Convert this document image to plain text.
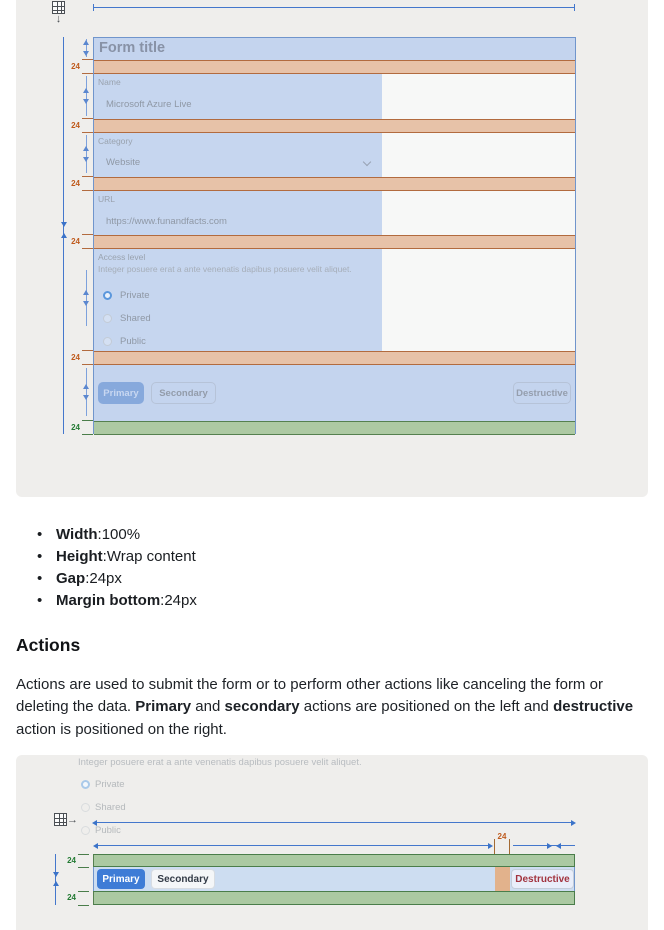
↓
24
24
24
24
24
24
Form title
Name
Microsoft Azure Live
Category
Website
URL
https://www.funandfacts.com
Access level
Integer posuere erat a ante venenatis dapibus posuere velit aliquet.
Private
Shared
Public
Primary	Secondary	Destructive
• Width : 100%
• Height : Wrap content
• Gap : 24px
• Margin bottom : 24px
Actions
Actions are used to submit the form or to perform other actions like canceling the form or deleting the data. Primary and secondary actions are positioned on the left and destructive action is positioned on the right.
Integer posuere erat a ante venenatis dapibus posuere velit aliquet.
Private
Shared
Public
→
24
Primary	Secondary	Destructive
24
24
